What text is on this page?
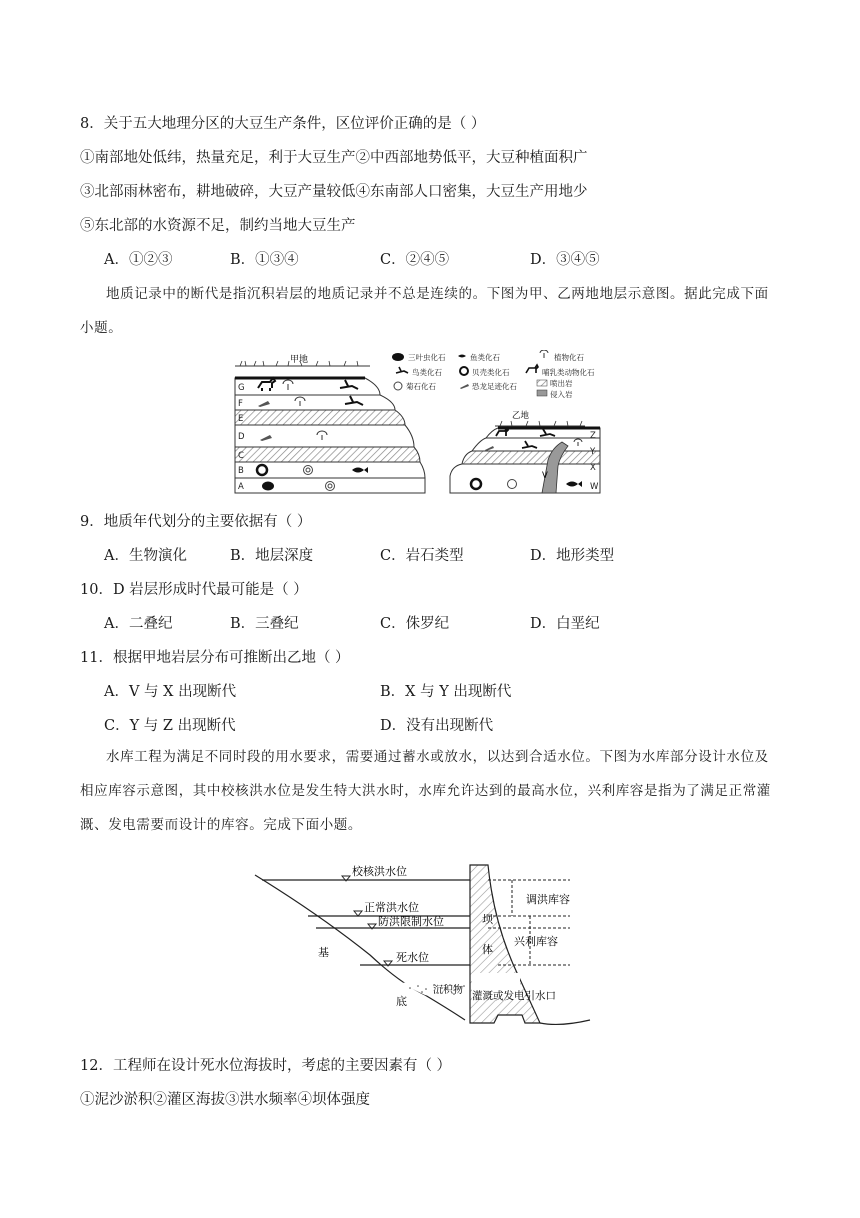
8．关于五大地理分区的大豆生产条件，区位评价正确的是（ ）
①南部地处低纬，热量充足，利于大豆生产②中西部地势低平，大豆种植面积广
③北部雨林密布，耕地破碎，大豆产量较低④东南部人口密集，大豆生产用地少
⑤东北部的水资源不足，制约当地大豆生产
A．①②③	B．①③④	C．②④⑤	D．③④⑤
地质记录中的断代是指沉积岩层的地质记录并不总是连续的。下图为甲、乙两地地层示意图。据此完成下面小题。
甲地
G
F
E
D
C
B
A
三叶虫化石	鱼类化石	植物化石
鸟类化石	贝壳类化石	哺乳类动物化石
菊石化石	恐龙足迹化石	喷出岩
侵入岩
乙地
V
Z
Y
X
W
9．地质年代划分的主要依据有（ ）
A．生物演化	B．地层深度	C．岩石类型	D．地形类型
10．D 岩层形成时代最可能是（ ）
A．二叠纪	B．三叠纪	C．侏罗纪	D．白垩纪
11．根据甲地岩层分布可推断出乙地（ ）
A．V 与 X 出现断代	B．X 与 Y 出现断代
C．Y 与 Z 出现断代	D．没有出现断代
水库工程为满足不同时段的用水要求，需要通过蓄水或放水，以达到合适水位。下图为水库部分设计水位及相应库容示意图，其中校核洪水位是发生特大洪水时，水库允许达到的最高水位，兴利库容是指为了满足正常灌溉、发电需要而设计的库容。完成下面小题。
沉积物
基
底
校核洪水位
正常洪水位
防洪限制水位
死水位
坝
体
灌溉或发电引水口
调洪库容
兴利库容
12．工程师在设计死水位海拔时，考虑的主要因素有（ ）
①泥沙淤积②灌区海拔③洪水频率④坝体强度
